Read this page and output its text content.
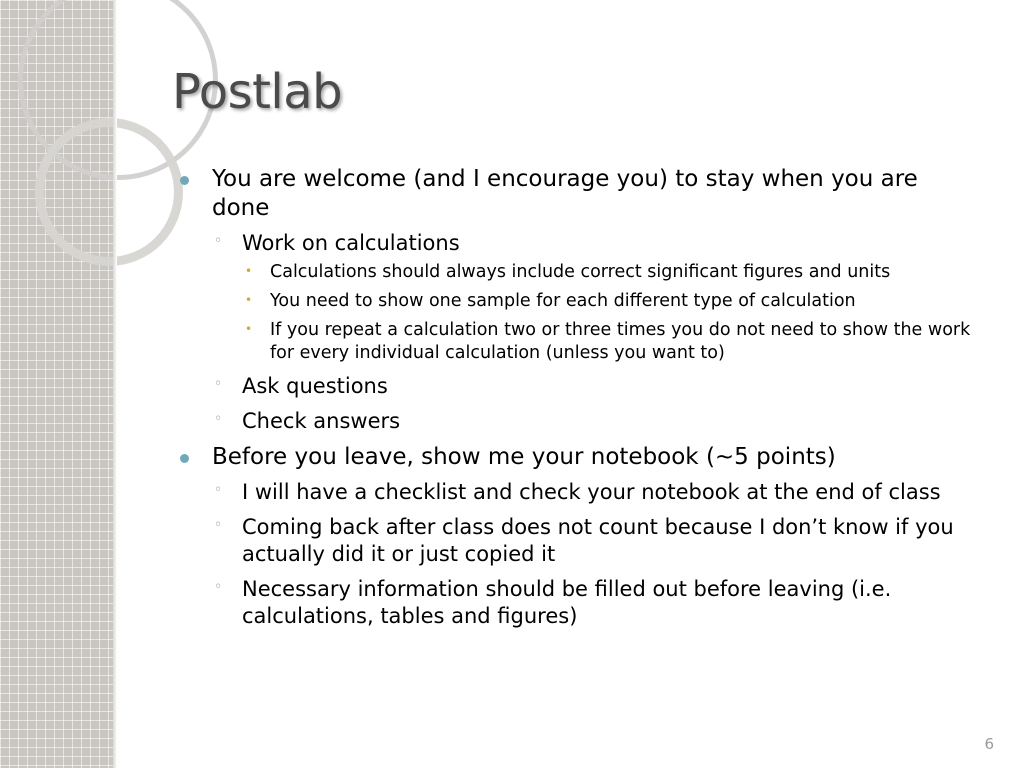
Postlab
You are welcome (and I encourage you) to stay when you are done
◦ Work on calculations
• Calculations should always include correct significant figures and units
• You need to show one sample for each different type of calculation
• If you repeat a calculation two or three times you do not need to show the work for every individual calculation (unless you want to)
◦ Ask questions
◦ Check answers
Before you leave, show me your notebook (~5 points)
◦ I will have a checklist and check your notebook at the end of class
◦ Coming back after class does not count because I don’t know if you actually did it or just copied it
◦ Necessary information should be filled out before leaving (i.e. calculations, tables and figures)
6
